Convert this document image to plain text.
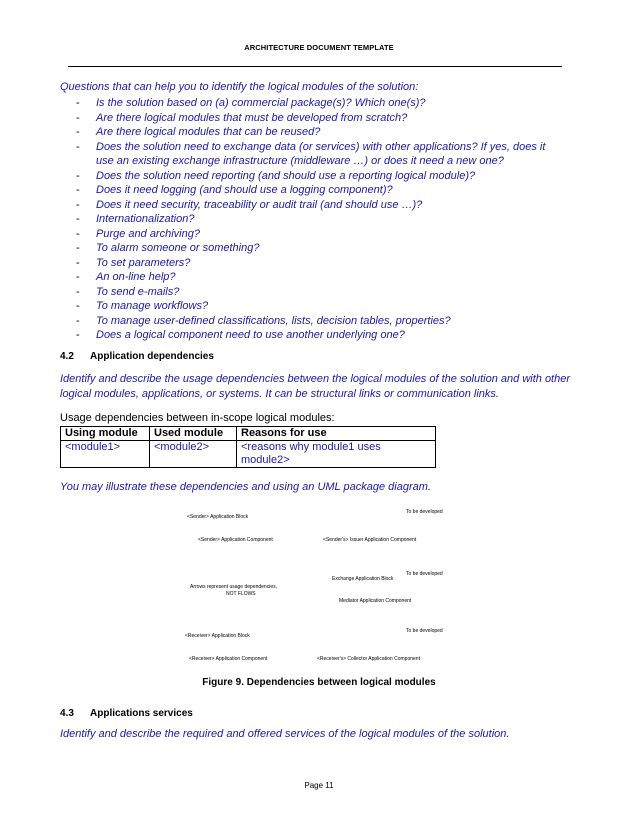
ARCHITECTURE DOCUMENT TEMPLATE
Questions that can help you to identify the logical modules of the solution:
- Is the solution based on (a) commercial package(s)? Which one(s)?
- Are there logical modules that must be developed from scratch?
- Are there logical modules that can be reused?
- Does the solution need to exchange data (or services) with other applications? If yes, does it use an existing exchange infrastructure (middleware …) or does it need a new one?
- Does the solution need reporting (and should use a reporting logical module)?
- Does it need logging (and should use a logging component)?
- Does it need security, traceability or audit trail (and should use …)?
- Internationalization?
- Purge and archiving?
- To alarm someone or something?
- To set parameters?
- An on-line help?
- To send e-mails?
- To manage workflows?
- To manage user-defined classifications, lists, decision tables, properties?
- Does a logical component need to use another underlying one?
4.2 Application dependencies
Identify and describe the usage dependencies between the logical modules of the solution and with other logical modules, applications, or systems. It can be structural links or communication links.
Usage dependencies between in-scope logical modules:
Using module	Used module	Reasons for use
<module1>	<module2>	<reasons why module1 uses module2>
You may illustrate these dependencies and using an UML package diagram.
<Sender> Application Block
To be developed
<Sender> Application Component	<Sender's> Issuer Application Component
To be developed
Exchange Application Block
Arrows represent usage dependencies,
NOT FLOWS
Mediator Application Component
To be developed
<Receiver> Application Block
<Receiver> Application Component	<Receiver's> Collector Application Component
Figure 9. Dependencies between logical modules
4.3 Applications services
Identify and describe the required and offered services of the logical modules of the solution.
Page 11
